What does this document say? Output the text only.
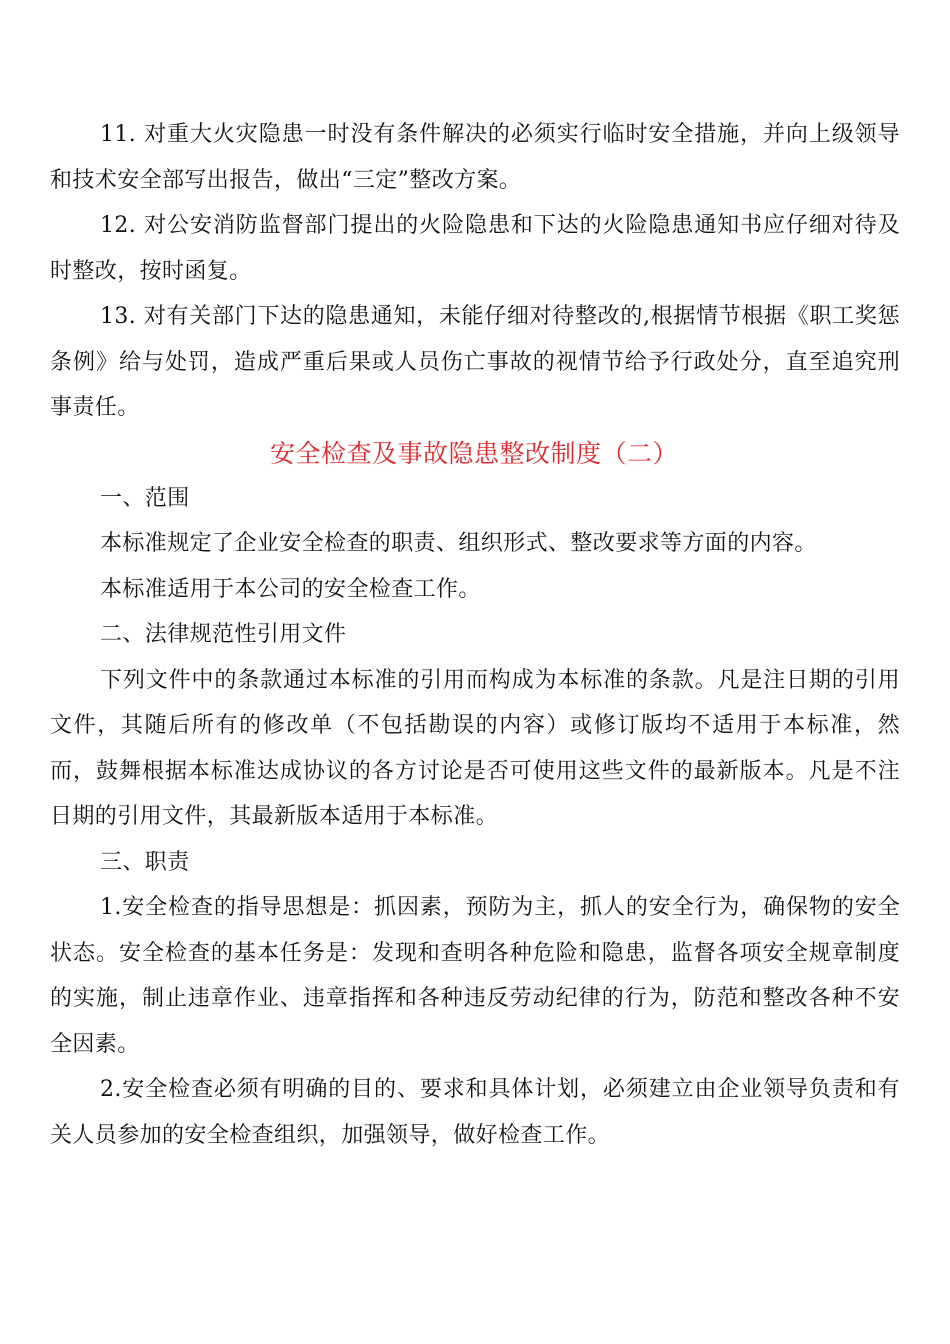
11. 对重大火灾隐患一时没有条件解决的必须实行临时安全措施，并向上级领导和技术安全部写出报告，做出“三定”整改方案。

12. 对公安消防监督部门提出的火险隐患和下达的火险隐患通知书应仔细对待及时整改，按时函复。

13. 对有关部门下达的隐患通知，未能仔细对待整改的,根据情节根据《职工奖惩条例》给与处罚，造成严重后果或人员伤亡事故的视情节给予行政处分，直至追究刑事责任。

安全检查及事故隐患整改制度（二）

一、范围

本标准规定了企业安全检查的职责、组织形式、整改要求等方面的内容。

本标准适用于本公司的安全检查工作。

二、法律规范性引用文件

下列文件中的条款通过本标准的引用而构成为本标准的条款。凡是注日期的引用文件，其随后所有的修改单（不包括勘误的内容）或修订版均不适用于本标准，然而，鼓舞根据本标准达成协议的各方讨论是否可使用这些文件的最新版本。凡是不注日期的引用文件，其最新版本适用于本标准。

三、职责

1.安全检查的指导思想是：抓因素，预防为主，抓人的安全行为，确保物的安全状态。安全检查的基本任务是：发现和查明各种危险和隐患，监督各项安全规章制度的实施，制止违章作业、违章指挥和各种违反劳动纪律的行为，防范和整改各种不安全因素。

2.安全检查必须有明确的目的、要求和具体计划，必须建立由企业领导负责和有关人员参加的安全检查组织，加强领导，做好检查工作。
